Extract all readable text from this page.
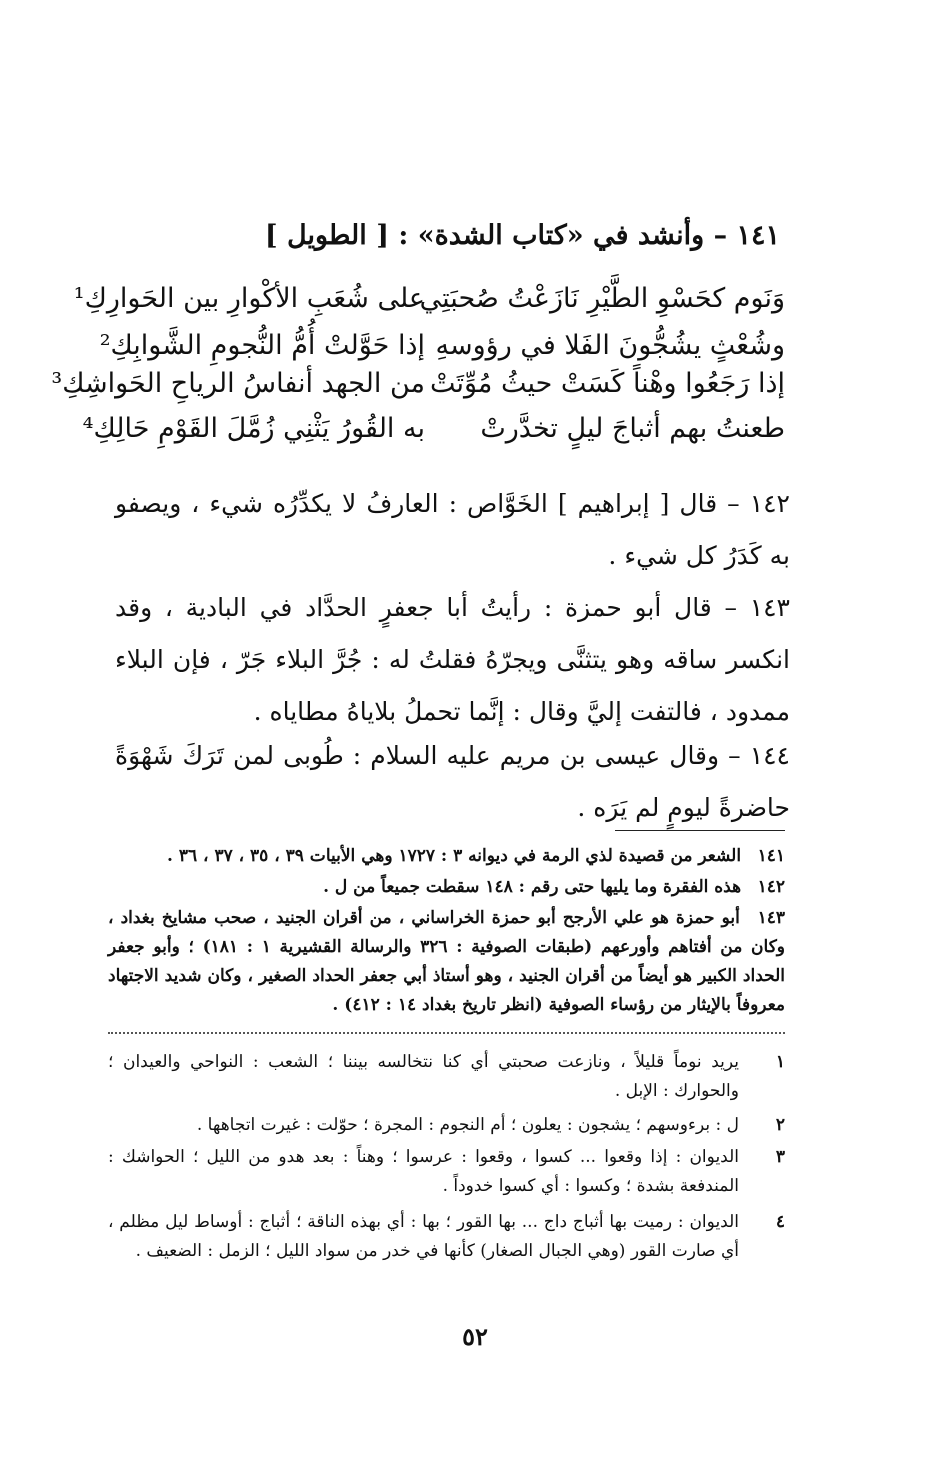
١٤١ – وأنشد في «كتاب الشدة» : [ الطويل ]
وَنَوم كحَسْوِ الطَّيْرِ نَازَعْتُ صُحبَتِي
على شُعَبِ الأكْوارِ بين الحَوارِكِ¹
وشُعْثٍ يشُجُّونَ الفَلا في رؤوسهِ
إذا حَوَّلتْ أُمُّ النُّجومِ الشَّوابِكِ²
إذا رَجَعُوا وهْناً كَسَتْ حيثُ مُوِّتَتْ
من الجهد أنفاسُ الرياحِ الحَواشِكِ³
طعنتُ بهم أثباجَ ليلٍ تخدَّرتْ
به القُورُ يَثْنِي زُمَّلَ القَوْمِ حَالِكِ⁴
١٤٢ – قال [ إبراهيم ] الخَوَّاص : العارفُ لا يكدِّرُه شيء ، ويصفو به كَدَرُ كل شيء .
١٤٣ – قال أبو حمزة : رأيتُ أبا جعفرٍ الحدَّاد في البادية ، وقد انكسر ساقه وهو يتثنَّى ويجرّهُ فقلتُ له : جُرَّ البلاء جَرّ ، فإن البلاء ممدود ، فالتفت إليَّ وقال : إنَّما تحملُ بلاياهُ مطاياه .
١٤٤ – وقال عيسى بن مريم عليه السلام : طُوبى لمن تَرَكَ شَهْوَةً حاضرةً ليومٍ لم يَرَه .
١٤١ الشعر من قصيدة لذي الرمة في ديوانه ٣ : ١٧٢٧ وهي الأبيات ٣٩ ، ٣٥ ، ٣٧ ، ٣٦ .
١٤٢ هذه الفقرة وما يليها حتى رقم : ١٤٨ سقطت جميعاً من ل .
١٤٣ أبو حمزة هو علي الأرجح أبو حمزة الخراساني ، من أقران الجنيد ، صحب مشايخ بغداد ، وكان من أفتاهم وأورعهم (طبقات الصوفية : ٣٢٦ والرسالة القشيرية ١ : ١٨١) ؛ وأبو جعفر الحداد الكبير هو أيضاً من أقران الجنيد ، وهو أستاذ أبي جعفر الحداد الصغير ، وكان شديد الاجتهاد معروفاً بالإيثار من رؤساء الصوفية (انظر تاريخ بغداد ١٤ : ٤١٢) .
١
يريد نوماً قليلاً ، ونازعت صحبتي أي كنا نتخالسه بيننا ؛ الشعب : النواحي والعيدان ؛ والحوارك : الإبل .
٢
ل : برءوسهم ؛ يشجون : يعلون ؛ أم النجوم : المجرة ؛ حوّلت : غيرت اتجاهها .
٣
الديوان : إذا وقعوا ... كسوا ، وقعوا : عرسوا ؛ وهناً : بعد هدو من الليل ؛ الحواشك : المندفعة بشدة ؛ وكسوا : أي كسوا خدوداً .
٤
الديوان : رميت بها أثباج داج ... بها القور ؛ بها : أي بهذه الناقة ؛ أثباج : أوساط ليل مظلم ، أي صارت القور (وهي الجبال الصغار) كأنها في خدر من سواد الليل ؛ الزمل : الضعيف .
٥٢
